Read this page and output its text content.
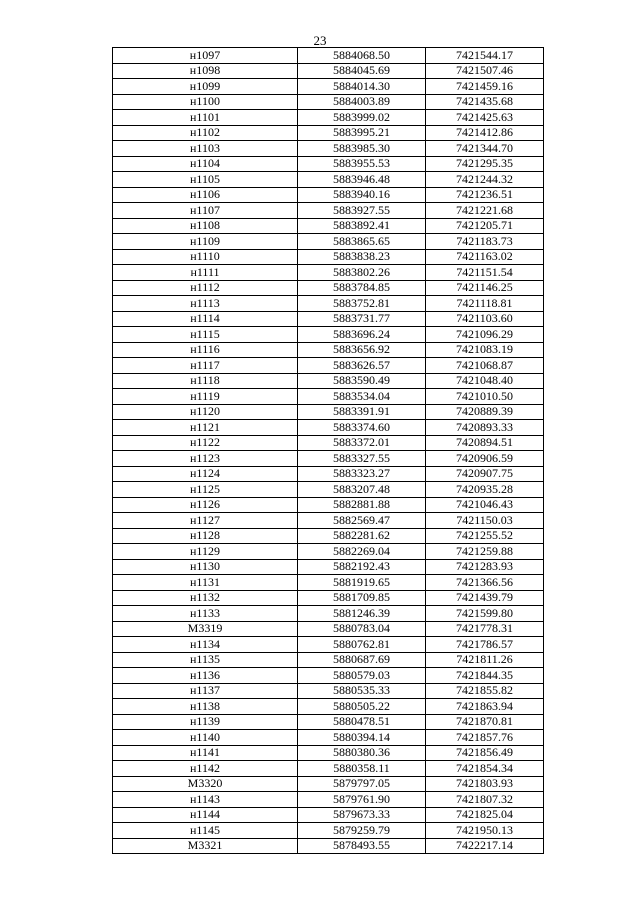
23
н1097	5884068.50	7421544.17
н1098	5884045.69	7421507.46
н1099	5884014.30	7421459.16
н1100	5884003.89	7421435.68
н1101	5883999.02	7421425.63
н1102	5883995.21	7421412.86
н1103	5883985.30	7421344.70
н1104	5883955.53	7421295.35
н1105	5883946.48	7421244.32
н1106	5883940.16	7421236.51
н1107	5883927.55	7421221.68
н1108	5883892.41	7421205.71
н1109	5883865.65	7421183.73
н1110	5883838.23	7421163.02
н1111	5883802.26	7421151.54
н1112	5883784.85	7421146.25
н1113	5883752.81	7421118.81
н1114	5883731.77	7421103.60
н1115	5883696.24	7421096.29
н1116	5883656.92	7421083.19
н1117	5883626.57	7421068.87
н1118	5883590.49	7421048.40
н1119	5883534.04	7421010.50
н1120	5883391.91	7420889.39
н1121	5883374.60	7420893.33
н1122	5883372.01	7420894.51
н1123	5883327.55	7420906.59
н1124	5883323.27	7420907.75
н1125	5883207.48	7420935.28
н1126	5882881.88	7421046.43
н1127	5882569.47	7421150.03
н1128	5882281.62	7421255.52
н1129	5882269.04	7421259.88
н1130	5882192.43	7421283.93
н1131	5881919.65	7421366.56
н1132	5881709.85	7421439.79
н1133	5881246.39	7421599.80
М3319	5880783.04	7421778.31
н1134	5880762.81	7421786.57
н1135	5880687.69	7421811.26
н1136	5880579.03	7421844.35
н1137	5880535.33	7421855.82
н1138	5880505.22	7421863.94
н1139	5880478.51	7421870.81
н1140	5880394.14	7421857.76
н1141	5880380.36	7421856.49
н1142	5880358.11	7421854.34
М3320	5879797.05	7421803.93
н1143	5879761.90	7421807.32
н1144	5879673.33	7421825.04
н1145	5879259.79	7421950.13
М3321	5878493.55	7422217.14
